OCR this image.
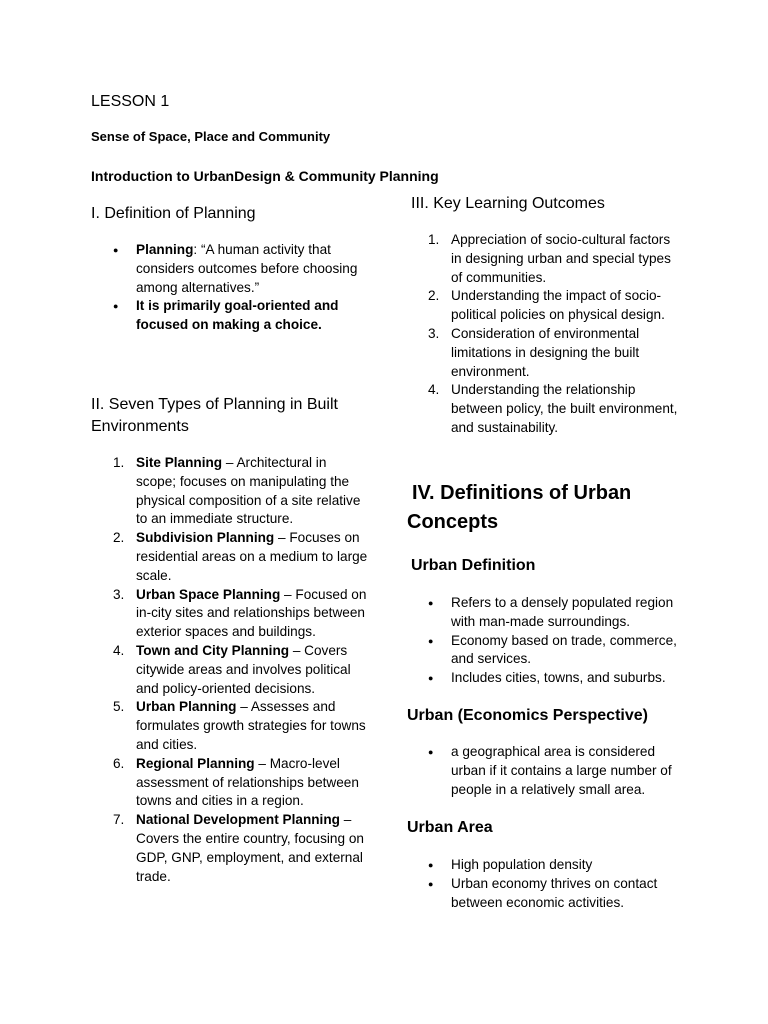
LESSON 1
Sense of Space, Place and Community
Introduction to UrbanDesign & Community Planning
I. Definition of Planning
● Planning: “A human activity that considers outcomes before choosing among alternatives.”
● It is primarily goal-oriented and focused on making a choice.
II. Seven Types of Planning in Built
Environments
1. Site Planning – Architectural in scope; focuses on manipulating the physical composition of a site relative to an immediate structure.
2. Subdivision Planning – Focuses on residential areas on a medium to large scale.
3. Urban Space Planning – Focused on in-city sites and relationships between exterior spaces and buildings.
4. Town and City Planning – Covers citywide areas and involves political and policy-oriented decisions.
5. Urban Planning – Assesses and formulates growth strategies for towns and cities.
6. Regional Planning – Macro-level assessment of relationships between towns and cities in a region.
7. National Development Planning – Covers the entire country, focusing on GDP, GNP, employment, and external trade.
III. Key Learning Outcomes
1. Appreciation of socio-cultural factors in designing urban and special types of communities.
2. Understanding the impact of socio-political policies on physical design.
3. Consideration of environmental limitations in designing the built environment.
4. Understanding the relationship between policy, the built environment, and sustainability.
IV. Definitions of Urban
Concepts
Urban Definition
● Refers to a densely populated region with man-made surroundings.
● Economy based on trade, commerce, and services.
● Includes cities, towns, and suburbs.
Urban (Economics Perspective)
● a geographical area is considered urban if it contains a large number of people in a relatively small area.
Urban Area
● High population density
● Urban economy thrives on contact between economic activities.
